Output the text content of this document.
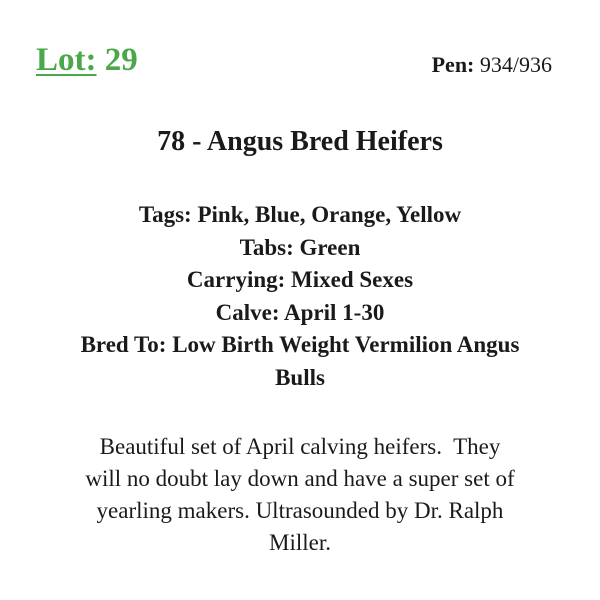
Lot: 29	Pen: 934/936
78 - Angus Bred Heifers
Tags: Pink, Blue, Orange, Yellow
Tabs: Green
Carrying: Mixed Sexes
Calve: April 1-30
Bred To: Low Birth Weight Vermilion Angus
Bulls
Beautiful set of April calving heifers.  They
will no doubt lay down and have a super set of
yearling makers. Ultrasounded by Dr. Ralph
Miller.
